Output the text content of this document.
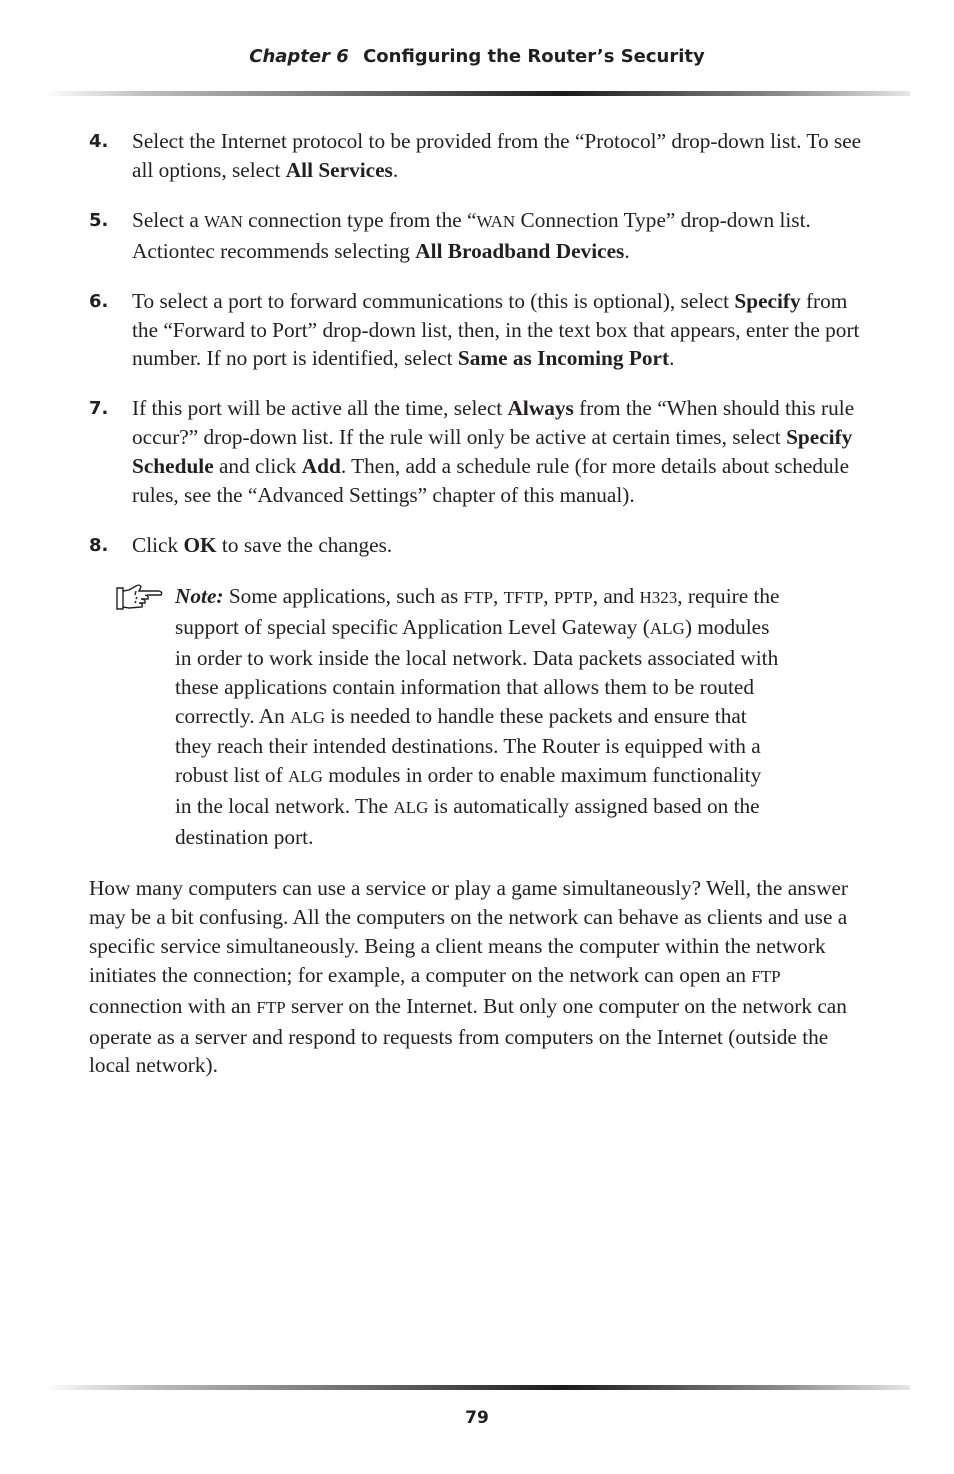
Chapter 6 Configuring the Router’s Security
4.	Select the Internet protocol to be provided from the “Protocol” drop-down list. To see all options, select All Services.
5.	Select a WAN connection type from the “WAN Connection Type” drop-down list. Actiontec recommends selecting All Broadband Devices.
6.	To select a port to forward communications to (this is optional), select Specify from the “Forward to Port” drop-down list, then, in the text box that appears, enter the port number. If no port is identified, select Same as Incoming Port.
7.	If this port will be active all the time, select Always from the “When should this rule occur?” drop-down list. If the rule will only be active at certain times, select Specify Schedule and click Add. Then, add a schedule rule (for more details about schedule rules, see the “Advanced Settings” chapter of this manual).
8.	Click OK to save the changes.
Note: Some applications, such as FTP, TFTP, PPTP, and H323, require the support of special specific Application Level Gateway (ALG) modules in order to work inside the local network. Data packets associated with these applications contain information that allows them to be routed correctly. An ALG is needed to handle these packets and ensure that they reach their intended destinations. The Router is equipped with a robust list of ALG modules in order to enable maximum functionality in the local network. The ALG is automatically assigned based on the destination port.

How many computers can use a service or play a game simultaneously? Well, the answer may be a bit confusing. All the computers on the network can behave as clients and use a specific service simultaneously. Being a client means the computer within the network initiates the connection; for example, a computer on the network can open an FTP connection with an FTP server on the Internet. But only one computer on the network can operate as a server and respond to requests from computers on the Internet (outside the local network).

79
